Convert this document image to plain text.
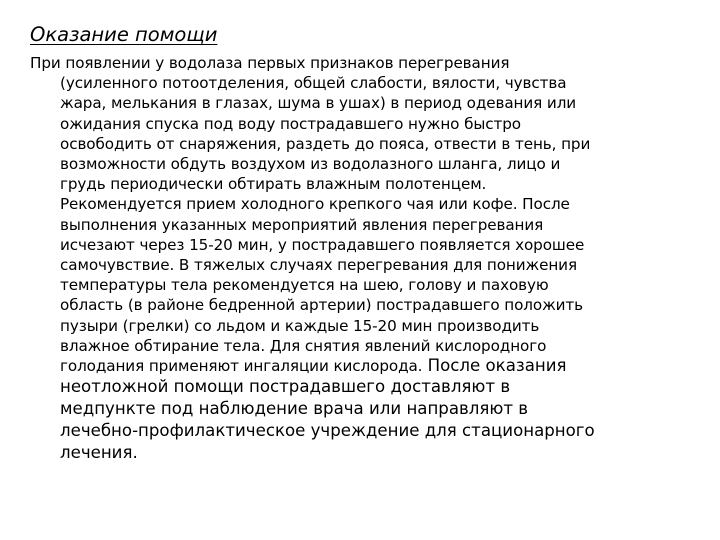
Оказание помощи
При появлении у водолаза первых признаков перегревания
(усиленного потоотделения, общей слабости, вялости, чувства
жара, мелькания в глазах, шума в ушах) в период одевания или
ожидания спуска под воду пострадавшего нужно быстро
освободить от снаряжения, раздеть до пояса, отвести в тень, при
возможности обдуть воздухом из водолазного шланга, лицо и
грудь периодически обтирать влажным полотенцем.
Рекомендуется прием холодного крепкого чая или кофе. После
выполнения указанных мероприятий явления перегревания
исчезают через 15-20 мин, у пострадавшего появляется хорошее
самочувствие. В тяжелых случаях перегревания для понижения
температуры тела рекомендуется на шею, голову и паховую
область (в районе бедренной артерии) пострадавшего положить
пузыри (грелки) со льдом и каждые 15-20 мин производить
влажное обтирание тела. Для снятия явлений кислородного
голодания применяют ингаляции кислорода. После оказания
неотложной помощи пострадавшего доставляют в
медпункте под наблюдение врача или направляют в
лечебно-профилактическое учреждение для стационарного
лечения.
